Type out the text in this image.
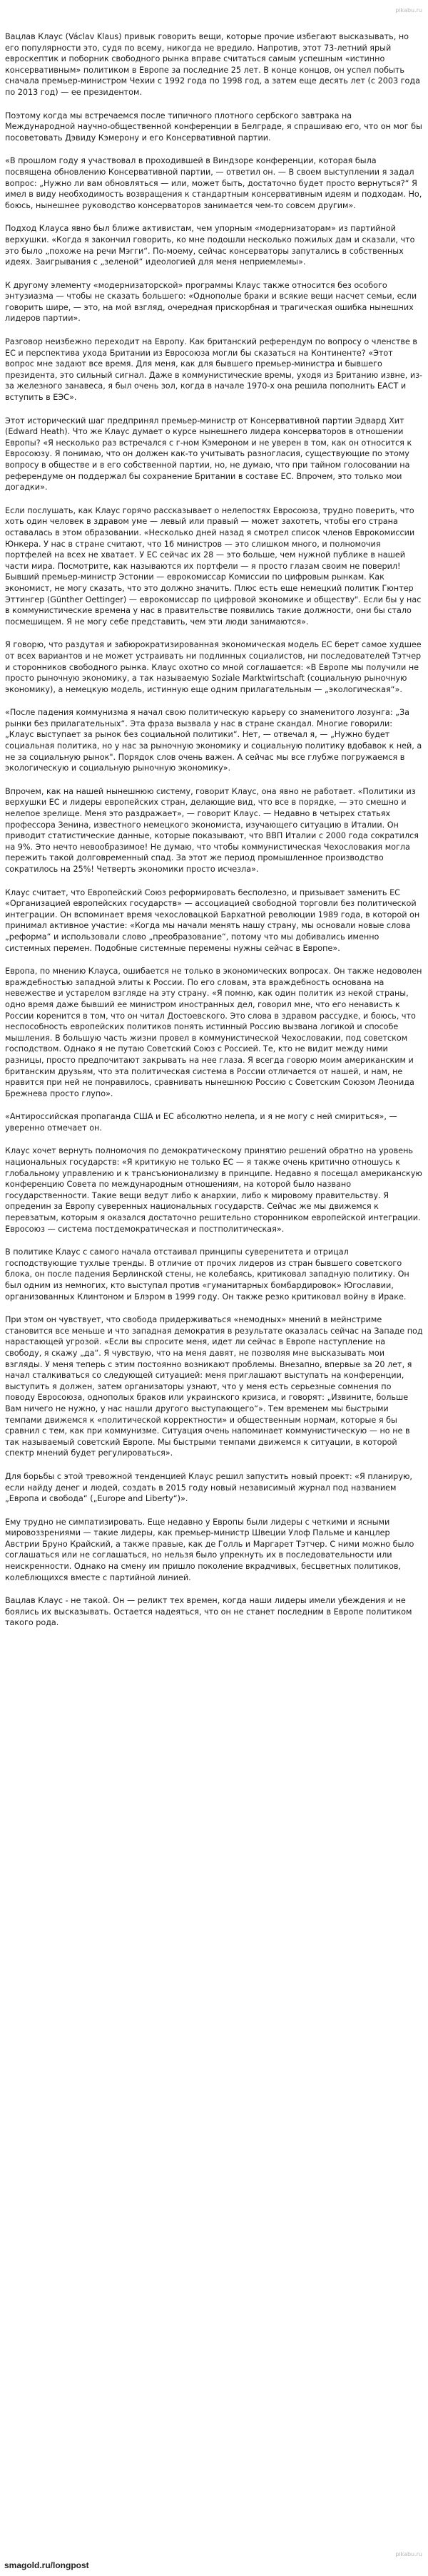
pikabu.ru

Вацлав Клаус (Václav Klaus) привык говорить вещи, которые прочие избегают высказывать, но его популярности это, судя по всему, никогда не вредило. Напротив, этот 73-летний ярый евроскептик и поборник свободного рынка вправе считаться самым успешным «истинно консервативным» политиком в Европе за последние 25 лет. В конце концов, он успел побыть сначала премьер-министром Чехии с 1992 года по 1998 год, а затем еще десять лет (с 2003 года по 2013 год) — ее президентом.

Поэтому когда мы встречаемся после типичного плотного сербского завтрака на Международной научно-общественной конференции в Белграде, я спрашиваю его, что он мог бы посоветовать Дэвиду Кэмерону и его Консервативной партии.

«В прошлом году я участвовал в проходившей в Виндзоре конференции, которая была посвящена обновлению Консервативной партии, — ответил он. — В своем выступлении я задал вопрос: „Нужно ли вам обновляться — или, может быть, достаточно будет просто вернуться?“ Я имел в виду необходимость возвращения к стандартным консервативным идеям и подходам. Но, боюсь, нынешнее руководство консерваторов занимается чем-то совсем другим».

Подход Клауса явно был ближе активистам, чем упорным «модернизаторам» из партийной верхушки. «Когда я закончил говорить, ко мне подошли несколько пожилых дам и сказали, что это было „похоже на речи Мэгги“. По-моему, сейчас консерваторы запутались в собственных идеях. Заигрывания с „зеленой“ идеологией для меня неприемлемы».

К другому элементу «модернизаторской» программы Клаус также относится без особого энтузиазма — чтобы не сказать большего: «Однополые браки и всякие вещи насчет семьи, если говорить шире, — это, на мой взгляд, очередная прискорбная и трагическая ошибка нынешних лидеров партии».

Разговор неизбежно переходит на Европу. Как британский референдум по вопросу о членстве в ЕС и перспектива ухода Британии из Евросоюза могли бы сказаться на Континенте? «Этот вопрос мне задают все время. Для меня, как для бывшего премьер-министра и бывшего президента, это сильный сигнал. Даже в коммунистические времы, уходя из Британию извне, из-за железного занавеса, я был очень зол, когда в начале 1970-х она решила пополнить ЕАСТ и вступить в ЕЭС».

Этот исторический шаг предпринял премьер-министр от Консервативной партии Эдвард Хит (Edward Heath). Что же Клаус думает о курсе нынешнего лидера консерваторов в отношении Европы? «Я несколько раз встречался с г-ном Кэмероном и не уверен в том, как он относится к Евросоюзу. Я понимаю, что он должен как-то учитывать разногласия, существующие по этому вопросу в обществе и в его собственной партии, но, не думаю, что при тайном голосовании на референдуме он поддержал бы сохранение Британии в составе ЕС. Впрочем, это только мои догадки».

Если послушать, как Клаус горячо рассказывает о нелепостях Евросоюза, трудно поверить, что хоть один человек в здравом уме — левый или правый — может захотеть, чтобы его страна оставалась в этом образовании. «Несколько дней назад я смотрел список членов Еврокомиссии Юнкера. У нас в стране считают, что 16 министров — это слишком много, и полномочия портфелей на всех не хватает. У ЕС сейчас их 28 — это больше, чем нужной публике в нашей части мира. Посмотрите, как называются их портфели — я просто глазам своим не поверил! Бывший премьер-министр Эстонии — еврокомиссар Комиссии по цифровым рынкам. Как экономист, не могу сказать, что это должно значить. Плюс есть еще немецкий политик Гюнтер Эттингер (Günther Oettinger) — еврокомиссар по цифровой экономике и обществу". Если бы у нас в коммунистические времена у нас в правительстве появились такие должности, они бы стало посмешищем. Я не могу себе представить, чем эти люди занимаются».

Я говорю, что раздутая и забюрократизированная экономическая модель ЕС берет самое худшее от всех вариантов и не может устраивать ни подлинных социалистов, ни последователей Тэтчер и сторонников свободного рынка. Клаус охотно со мной соглашается: «В Европе мы получили не просто рыночную экономику, а так называемую Soziale Marktwirtschaft (социальную рыночную экономику), а немецкую модель, истинную еще одним прилагательным — „экологическая“».

«После падения коммунизма я начал свою политическую карьеру со знаменитого лозунга: „За рынки без прилагательных“. Эта фраза вызвала у нас в стране скандал. Многие говорили: „Клаус выступает за рынок без социальной политики“. Нет, — отвечал я, — „Нужно будет социальная политика, но у нас за рыночную экономику и социальную политику вдобавок к ней, а не за социальную рынок". Порядок слов очень важен. А сейчас мы все глубже погружаемся в экологическую и социальную рыночную экономику».

Впрочем, как на нашей нынешнюю систему, говорит Клаус, она явно не работает. «Политики из верхушки ЕС и лидеры европейских стран, делающие вид, что все в порядке, — это смешно и нелепое зрелище. Меня это раздражает», — говорит Клаус. — Недавно в четырех статьях профессора Зенина, известного немецкого экономиста, изучающего ситуацию в Италии. Он приводит статистические данные, которые показывают, что ВВП Италии с 2000 года сократился на 9%. Это нечто невообразимое! Не думаю, что чтобы коммунистическая Чехословакия могла пережить такой долговременный спад. За этот же период промышленное производство сократилось на 25%! Четверть экономики просто исчезла».

Клаус считает, что Европейский Союз реформировать бесполезно, и призывает заменить ЕС «Организацией европейских государств» — ассоциацией свободной торговли без политической интеграции. Он вспоминает время чехословацкой Бархатной революции 1989 года, в которой он принимал активное участие: «Когда мы начали менять нашу страну, мы основали новые слова „реформа“ и использовали слово „преобразование“, потому что мы добивались именно системных перемен. Подобные системные перемены нужны сейчас в Европе».

Европа, по мнению Клауса, ошибается не только в экономических вопросах. Он также недоволен враждебностью западной элиты к России. По его словам, эта враждебность основана на невежестве и устарелом взгляде на эту страну. «Я помню, как один политик из некой страны, одно время даже бывший ее министром иностранных дел, говорил мне, что его ненависть к России коренится в том, что он читал Достоевского. Это слова в здравом рассудке, и боюсь, что неспособность европейских политиков понять истинный Россию вызвана логикой и способе мышления. В большую часть жизни провел в коммунистической Чехословакии, под советском господством. Однако я не путаю Советский Союз с Россией. Те, кто не видит между ними разницы, просто предпочитают закрывать на нее глаза. Я всегда говорю моим американским и британским друзьям, что эта политическая система в России отличается от нашей, и нам, не нравится при ней не понравилось, сравнивать нынешнюю Россию с Советским Союзом Леонида Брежнева просто глупо».

«Антироссийская пропаганда США и ЕС абсолютно нелепа, и я не могу с ней смириться», — уверенно отмечает он.

Клаус хочет вернуть полномочия по демократическому принятию решений обратно на уровень национальных государств: «Я критикую не только ЕС — я также очень критично отношусь к глобальному управлению и к трансъюнионализму в принципе. Недавно я посещал американскую конференцию Совета по международным отношениям, на которой было названо государственности. Такие вещи ведут либо к анархии, либо к мировому правительству. Я опреденин за Европу суверенных национальных государств. Сейчас же мы движемся к перевзатым, которым я оказался достаточно решительно сторонником европейской интеграции. Евросоюз — система постдемократическая и постполитическая».

В политике Клаус с самого начала отстаивал принципы суверенитета и отрицал господствующие тухлые тренды. В отличие от прочих лидеров из стран бывшего советского блока, он после падения Берлинской стены, не колебаясь, критиковал западную политику. Он был одним из немногих, кто выступал против «гуманитарных бомбардировок» Югославии, организованных Клинтоном и Блэром в 1999 году. Он также резко критиковал войну в Ираке.

При этом он чувствует, что свобода придерживаться «немодных» мнений в мейнстриме становится все меньше и что западная демократия в результате оказалась сейчас на Западе под нарастающей угрозой. «Если вы спросите меня, идет ли сейчас в Европе наступление на свободу, я скажу „да“. Я чувствую, что на меня давят, не позволяя мне высказывать мои взгляды. У меня теперь с этим постоянно возникают проблемы. Внезапно, впервые за 20 лет, я начал сталкиваться со следующей ситуацией: меня приглашают выступать на конференции, выступить я должен, затем организаторы узнают, что у меня есть серьезные сомнения по поводу Евросоюза, однополых браков или украинского кризиса, и говорят: „Извините, больше Вам ничего не нужно, у нас нашли другого выступающего“». Тем временем мы быстрыми темпами движемся к «политической корректности» и общественным нормам, которые я бы сравнил с тем, как при коммунизме. Ситуация очень напоминает коммунистическую — но не в так называемый советский Европе. Мы быстрыми темпами движемся к ситуации, в которой спектр мнений будет регулироваться».

Для борьбы с этой тревожной тенденцией Клаус решил запустить новый проект: «Я планирую, если найду денег и людей, создать в 2015 году новый независимый журнал под названием „Европа и свобода“ („Europe and Liberty“)».

Ему трудно не симпатизировать. Еще недавно у Европы были лидеры с четкими и ясными мировоззрениями — такие лидеры, как премьер-министр Швеции Улоф Пальме и канцлер Австрии Бруно Крайский, а также правые, как де Голль и Маргарет Тэтчер. С ними можно было соглашаться или не соглашаться, но нельзя было упрекнуть их в последовательности или неискренности. Однако на смену им пришло поколение вкрадчивых, бесцветных политиков, колеблющихся вместе с партийной линией.

Вацлав Клаус - не такой. Он — реликт тех времен, когда наши лидеры имели убеждения и не боялись их высказывать. Остается надеяться, что он не станет последним в Европе политиком такого рода.

pikabu.ru
smagold.ru/longpost
